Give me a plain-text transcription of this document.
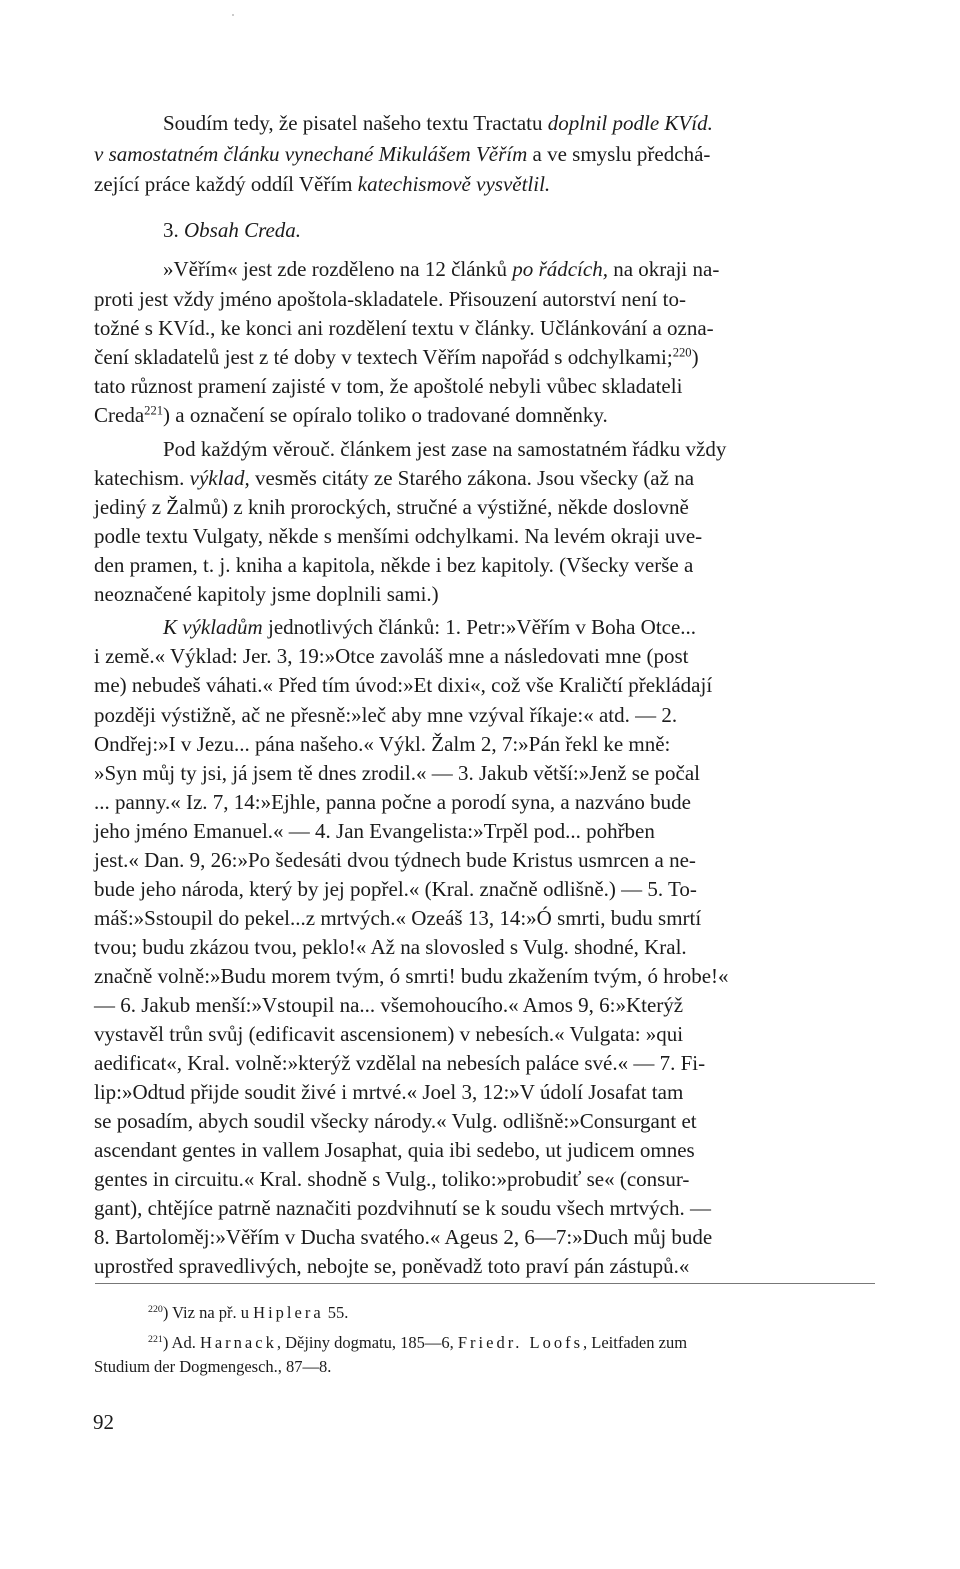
Soudím tedy, že pisatel našeho textu Tractatu doplnil podle KVíd.
v samostatném článku vynechané Mikulášem Věřím a ve smyslu předchá-
zející práce každý oddíl Věřím katechismově vysvětlil.
3. Obsah Creda.
»Věřím« jest zde rozděleno na 12 článků po řádcích, na okraji na-
proti jest vždy jméno apoštola-skladatele. Přisouzení autorství není to-
tožné s KVíd., ke konci ani rozdělení textu v články. Učlánkování a ozna-
čení skladatelů jest z té doby v textech Věřím napořád s odchylkami;$^{220}$)
tato různost pramení zajisté v tom, že apoštolé nebyli vůbec skladateli
Creda$^{221}$) a označení se opíralo toliko o tradované domněnky.
Pod každým věrouč. článkem jest zase na samostatném řádku vždy
katechism. výklad, vesměs citáty ze Starého zákona. Jsou všecky (až na
jediný z Žalmů) z knih prorockých, stručné a výstižné, někde doslovně
podle textu Vulgaty, někde s menšími odchylkami. Na levém okraji uve-
den pramen, t. j. kniha a kapitola, někde i bez kapitoly. (Všecky verše a
neoznačené kapitoly jsme doplnili sami.)
K výkladům jednotlivých článků: 1. Petr:»Věřím v Boha Otce...
i země.« Výklad: Jer. 3, 19:»Otce zavoláš mne a následovati mne (post
me) nebudeš váhati.« Před tím úvod:»Et dixi«, což vše Kraličtí překládají
později výstižně, ač ne přesně:»leč aby mne vzýval říkaje:« atd. — 2.
Ondřej:»I v Jezu... pána našeho.« Výkl. Žalm 2, 7:»Pán řekl ke mně:
»Syn můj ty jsi, já jsem tě dnes zrodil.« — 3. Jakub větší:»Jenž se počal
... panny.« Iz. 7, 14:»Ejhle, panna počne a porodí syna, a nazváno bude
jeho jméno Emanuel.« — 4. Jan Evangelista:»Trpěl pod... pohřben
jest.« Dan. 9, 26:»Po šedesáti dvou týdnech bude Kristus usmrcen a ne-
bude jeho národa, který by jej popřel.« (Kral. značně odlišně.) — 5. To-
máš:»Sstoupil do pekel...z mrtvých.« Ozeáš 13, 14:»Ó smrti, budu smrtí
tvou; budu zkázou tvou, peklo!« Až na slovosled s Vulg. shodné, Kral.
značně volně:»Budu morem tvým, ó smrti! budu zkažením tvým, ó hrobe!«
— 6. Jakub menší:»Vstoupil na... všemohoucího.« Amos 9, 6:»Kterýž
vystavěl trůn svůj (edificavit ascensionem) v nebesích.« Vulgata: »qui
aedificat«, Kral. volně:»kterýž vzdělal na nebesích paláce své.« — 7. Fi-
lip:»Odtud přijde soudit živé i mrtvé.« Joel 3, 12:»V údolí Josafat tam
se posadím, abych soudil všecky národy.« Vulg. odlišně:»Consurgant et
ascendant gentes in vallem Josaphat, quia ibi sedebo, ut judicem omnes
gentes in circuitu.« Kral. shodně s Vulg., toliko:»probudiť se« (consur-
gant), chtějíce patrně naznačiti pozdvihnutí se k soudu všech mrtvých. —
8. Bartoloměj:»Věřím v Ducha svatého.« Ageus 2, 6—7:»Duch můj bude
uprostřed spravedlivých, nebojte se, poněvadž toto praví pán zástupů.«
$^{220}$) Viz na př. u Hiplera 55.
$^{221}$) Ad. Harnack, Dějiny dogmatu, 185—6, Friedr. Loofs, Leitfaden zum
Studium der Dogmengesch., 87—8.
92
